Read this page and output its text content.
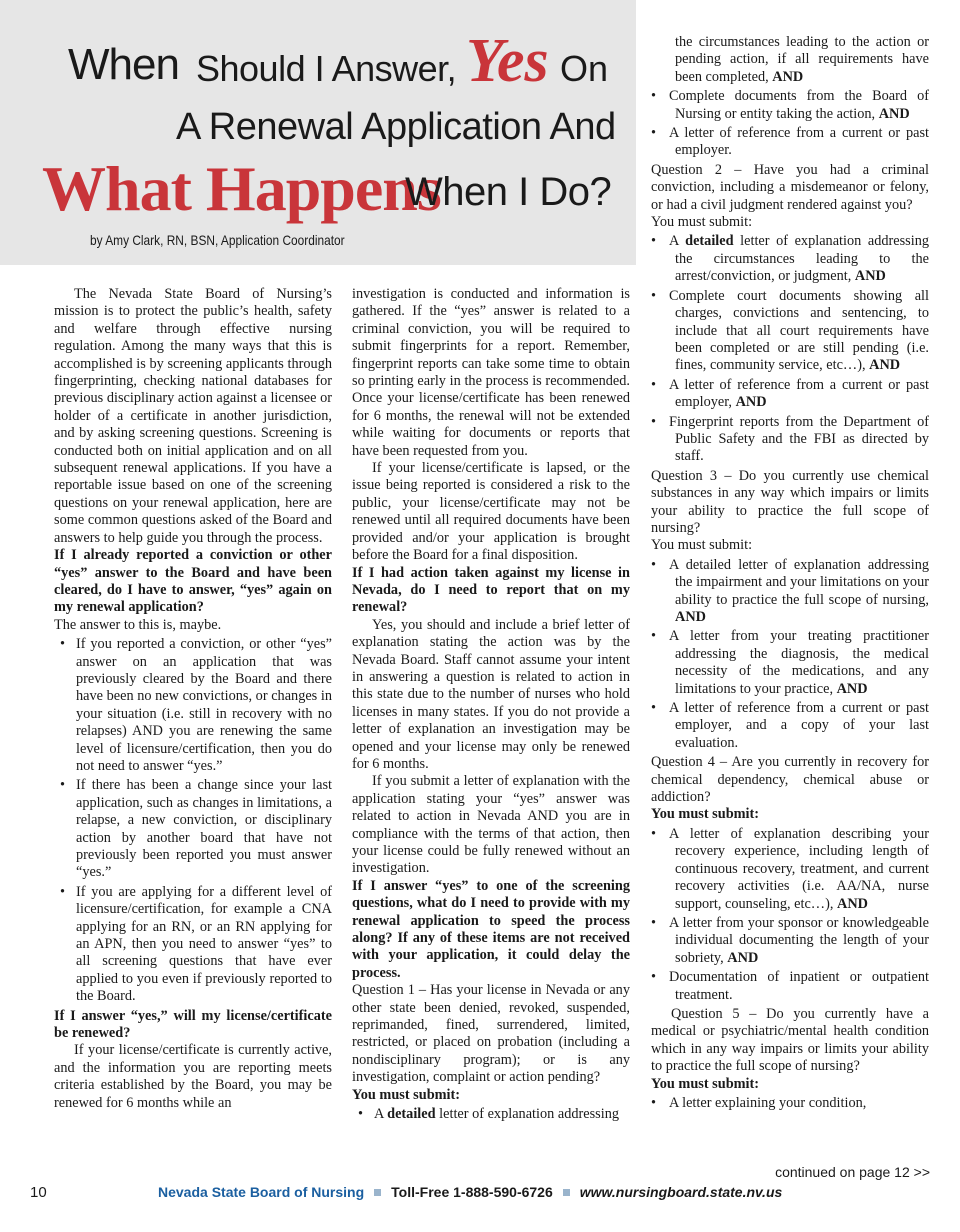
When Should I Answer, Yes On
A Renewal Application And
What Happens
When I Do?
by Amy Clark, RN, BSN, Application Coordinator

The Nevada State Board of Nursing’s mission is to protect the public’s health, safety and welfare through effective nursing regulation. Among the many ways that this is accomplished is by screening applicants through fingerprinting, checking national databases for previous disciplinary action against a licensee or holder of a certificate in another jurisdiction, and by asking screening questions. Screening is conducted both on initial application and on all subsequent renewal applications. If you have a reportable issue based on one of the screening questions on your renewal application, here are some common questions asked of the Board and answers to help guide you through the process.

If I already reported a conviction or other “yes” answer to the Board and have been cleared, do I have to answer, “yes” again on my renewal application?

The answer to this is, maybe.

• If you reported a conviction, or other “yes” answer on an application that was previously cleared by the Board and there have been no new convictions, or changes in your situation (i.e. still in recovery with no relapses) AND you are renewing the same level of licensure/certification, then you do not need to answer “yes.”
• If there has been a change since your last application, such as changes in limitations, a relapse, a new conviction, or disciplinary action by another board that have not previously been reported you must answer “yes.”
• If you are applying for a different level of licensure/certification, for example a CNA applying for an RN, or an RN applying for an APN, then you need to answer “yes” to all screening questions that have ever applied to you even if previously reported to the Board.

If I answer “yes,” will my license/certificate be renewed?

If your license/certificate is currently active, and the information you are reporting meets criteria established by the Board, you may be renewed for 6 months while an

investigation is conducted and information is gathered. If the “yes” answer is related to a criminal conviction, you will be required to submit fingerprints for a report. Remember, fingerprint reports can take some time to obtain so printing early in the process is recommended. Once your license/certificate has been renewed for 6 months, the renewal will not be extended while waiting for documents or reports that have been requested from you.

If your license/certificate is lapsed, or the issue being reported is considered a risk to the public, your license/certificate may not be renewed until all required documents have been provided and/or your application is brought before the Board for a final disposition.

If I had action taken against my license in Nevada, do I need to report that on my renewal?

Yes, you should and include a brief letter of explanation stating the action was by the Nevada Board. Staff cannot assume your intent in answering a question is related to action in this state due to the number of nurses who hold licenses in many states. If you do not provide a letter of explanation an investigation may be opened and your license may only be renewed for 6 months.

If you submit a letter of explanation with the application stating your “yes” answer was related to action in Nevada AND you are in compliance with the terms of that action, then your license could be fully renewed without an investigation.

If I answer “yes” to one of the screening questions, what do I need to provide with my renewal application to speed the process along? If any of these items are not received with your application, it could delay the process.

Question 1 – Has your license in Nevada or any other state been denied, revoked, suspended, reprimanded, fined, surrendered, limited, restricted, or placed on probation (including a nondisciplinary program); or is any investigation, complaint or action pending?

You must submit:

• A detailed letter of explanation addressing

the circumstances leading to the action or pending action, if all requirements have been completed, AND

• Complete documents from the Board of Nursing or entity taking the action, AND
• A letter of reference from a current or past employer.

Question 2 – Have you had a criminal conviction, including a misdemeanor or felony, or had a civil judgment rendered against you?

You must submit:

• A detailed letter of explanation addressing the circumstances leading to the arrest/conviction, or judgment, AND
• Complete court documents showing all charges, convictions and sentencing, to include that all court requirements have been completed or are still pending (i.e. fines, community service, etc…), AND
• A letter of reference from a current or past employer, AND
• Fingerprint reports from the Department of Public Safety and the FBI as directed by staff.

Question 3 – Do you currently use chemical substances in any way which impairs or limits your ability to practice the full scope of nursing?

You must submit:

• A detailed letter of explanation addressing the impairment and your limitations on your ability to practice the full scope of nursing, AND
• A letter from your treating practitioner addressing the diagnosis, the medical necessity of the medications, and any limitations to your practice, AND
• A letter of reference from a current or past employer, and a copy of your last evaluation.

Question 4 – Are you currently in recovery for chemical dependency, chemical abuse or addiction?

You must submit:

• A letter of explanation describing your recovery experience, including length of continuous recovery, treatment, and current recovery activities (i.e. AA/NA, nurse support, counseling, etc…), AND
• A letter from your sponsor or knowledgeable individual documenting the length of your sobriety, AND
• Documentation of inpatient or outpatient treatment.

Question 5 – Do you currently have a medical or psychiatric/mental health condition which in any way impairs or limits your ability to practice the full scope of nursing?

You must submit:

• A letter explaining your condition,
continued on page 12 >>
10	Nevada State Board of Nursing Toll-Free 1-888-590-6726 www.nursingboard.state.nv.us
